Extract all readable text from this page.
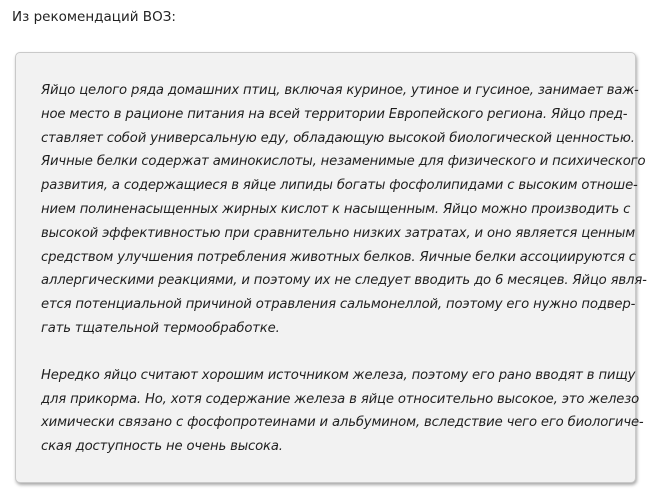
Из рекомендаций ВОЗ:

Яйцо целого ряда домашних птиц, включая куриное, утиное и гусиное, занимает важ-
ное место в рационе питания на всей территории Европейского региона. Яйцо пред-
ставляет собой универсальную еду, обладающую высокой биологической ценностью.
Яичные белки содержат аминокислоты, незаменимые для физического и психического
развития, а содержащиеся в яйце липиды богаты фосфолипидами с высоким отноше-
нием полиненасыщенных жирных кислот к насыщенным. Яйцо можно производить с
высокой эффективностью при сравнительно низких затратах, и оно является ценным
средством улучшения потребления животных белков. Яичные белки ассоциируются с
аллергическими реакциями, и поэтому их не следует вводить до 6 месяцев. Яйцо явля-
ется потенциальной причиной отравления сальмонеллой, поэтому его нужно подвер-
гать тщательной термообработке.

Нередко яйцо считают хорошим источником железа, поэтому его рано вводят в пищу
для прикорма. Но, хотя содержание железа в яйце относительно высокое, это железо
химически связано с фосфопротеинами и альбумином, вследствие чего его биологиче-
ская доступность не очень высока.
